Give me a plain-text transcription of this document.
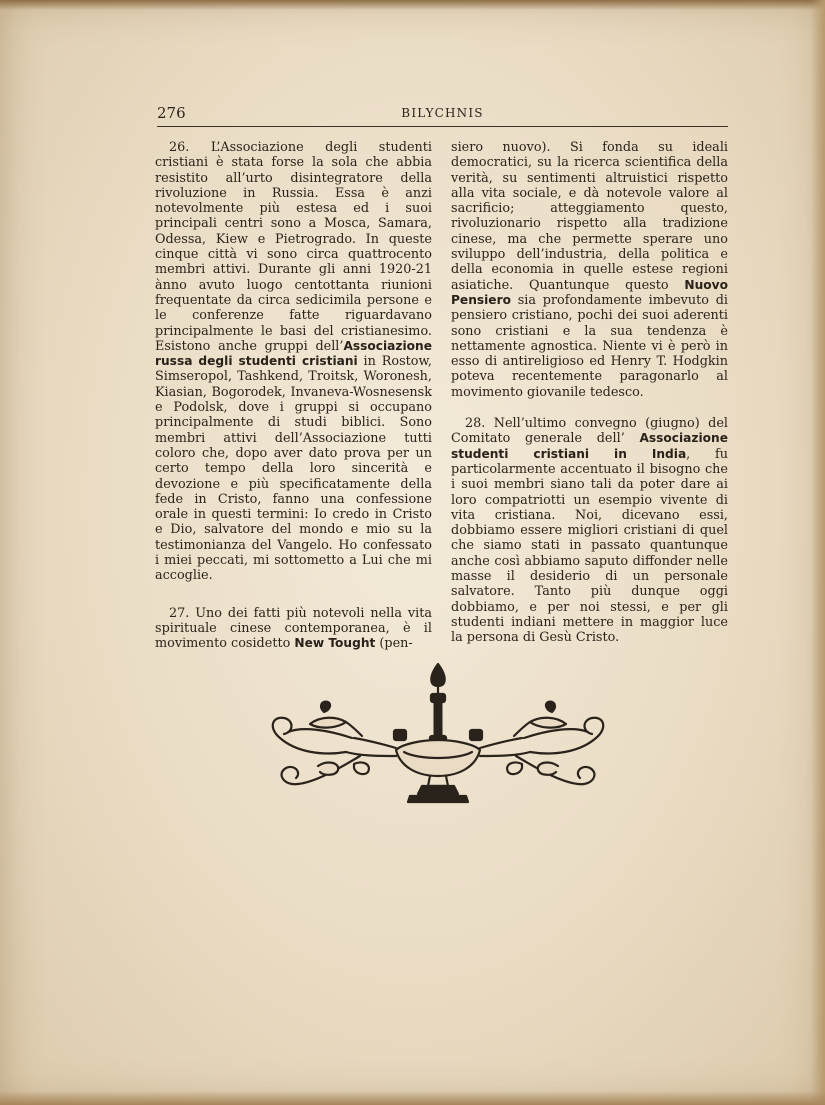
276	BILYCHNIS

26. L’Associazione degli studenti cristiani è stata forse la sola che abbia resistito all’urto disintegratore della rivoluzione in Russia. Essa è anzi notevolmente più estesa ed i suoi principali centri sono a Mosca, Samara, Odessa, Kiew e Pietrogrado. In queste cinque città vi sono circa quattrocento membri attivi. Durante gli anni 1920-21 ànno avuto luogo centottanta riunioni frequentate da circa sedicimila persone e le conferenze fatte riguardavano principalmente le basi del cristianesimo. Esistono anche gruppi dell’Associazione russa degli studenti cristiani in Rostow, Simseropol, Tashkend, Troitsk, Woronesh, Kiasian, Bogorodek, Invaneva-Wosnesensk e Podolsk, dove i gruppi si occupano principalmente di studi biblici. Sono membri attivi dell’Associazione tutti coloro che, dopo aver dato prova per un certo tempo della loro sincerità e devozione e più specificatamente della fede in Cristo, fanno una confessione orale in questi termini: Io credo in Cristo e Dio, salvatore del mondo e mio su la testimonianza del Vangelo. Ho confessato i miei peccati, mi sottometto a Lui che mi accoglie.

27. Uno dei fatti più notevoli nella vita spirituale cinese contemporanea, è il movimento cosidetto New Tought (pen-

siero nuovo). Si fonda su ideali democratici, su la ricerca scientifica della verità, su sentimenti altruistici rispetto alla vita sociale, e dà notevole valore al sacrificio; atteggiamento questo, rivoluzionario rispetto alla tradizione cinese, ma che permette sperare uno sviluppo dell’industria, della politica e della economia in quelle estese regioni asiatiche. Quantunque questo Nuovo Pensiero sia profondamente imbevuto di pensiero cristiano, pochi dei suoi aderenti sono cristiani e la sua tendenza è nettamente agnostica. Niente vi è però in esso di antireligioso ed Henry T. Hodgkin poteva recentemente paragonarlo al movimento giovanile tedesco.

28. Nell’ultimo convegno (giugno) del Comitato generale dell’ Associazione studenti cristiani in India, fu particolarmente accentuato il bisogno che i suoi membri siano tali da poter dare ai loro compatriotti un esempio vivente di vita cristiana. Noi, dicevano essi, dobbiamo essere migliori cristiani di quel che siamo stati in passato quantunque anche così abbiamo saputo diffonder nelle masse il desiderio di un personale salvatore. Tanto più dunque oggi dobbiamo, e per noi stessi, e per gli studenti indiani mettere in maggior luce la persona di Gesù Cristo.
